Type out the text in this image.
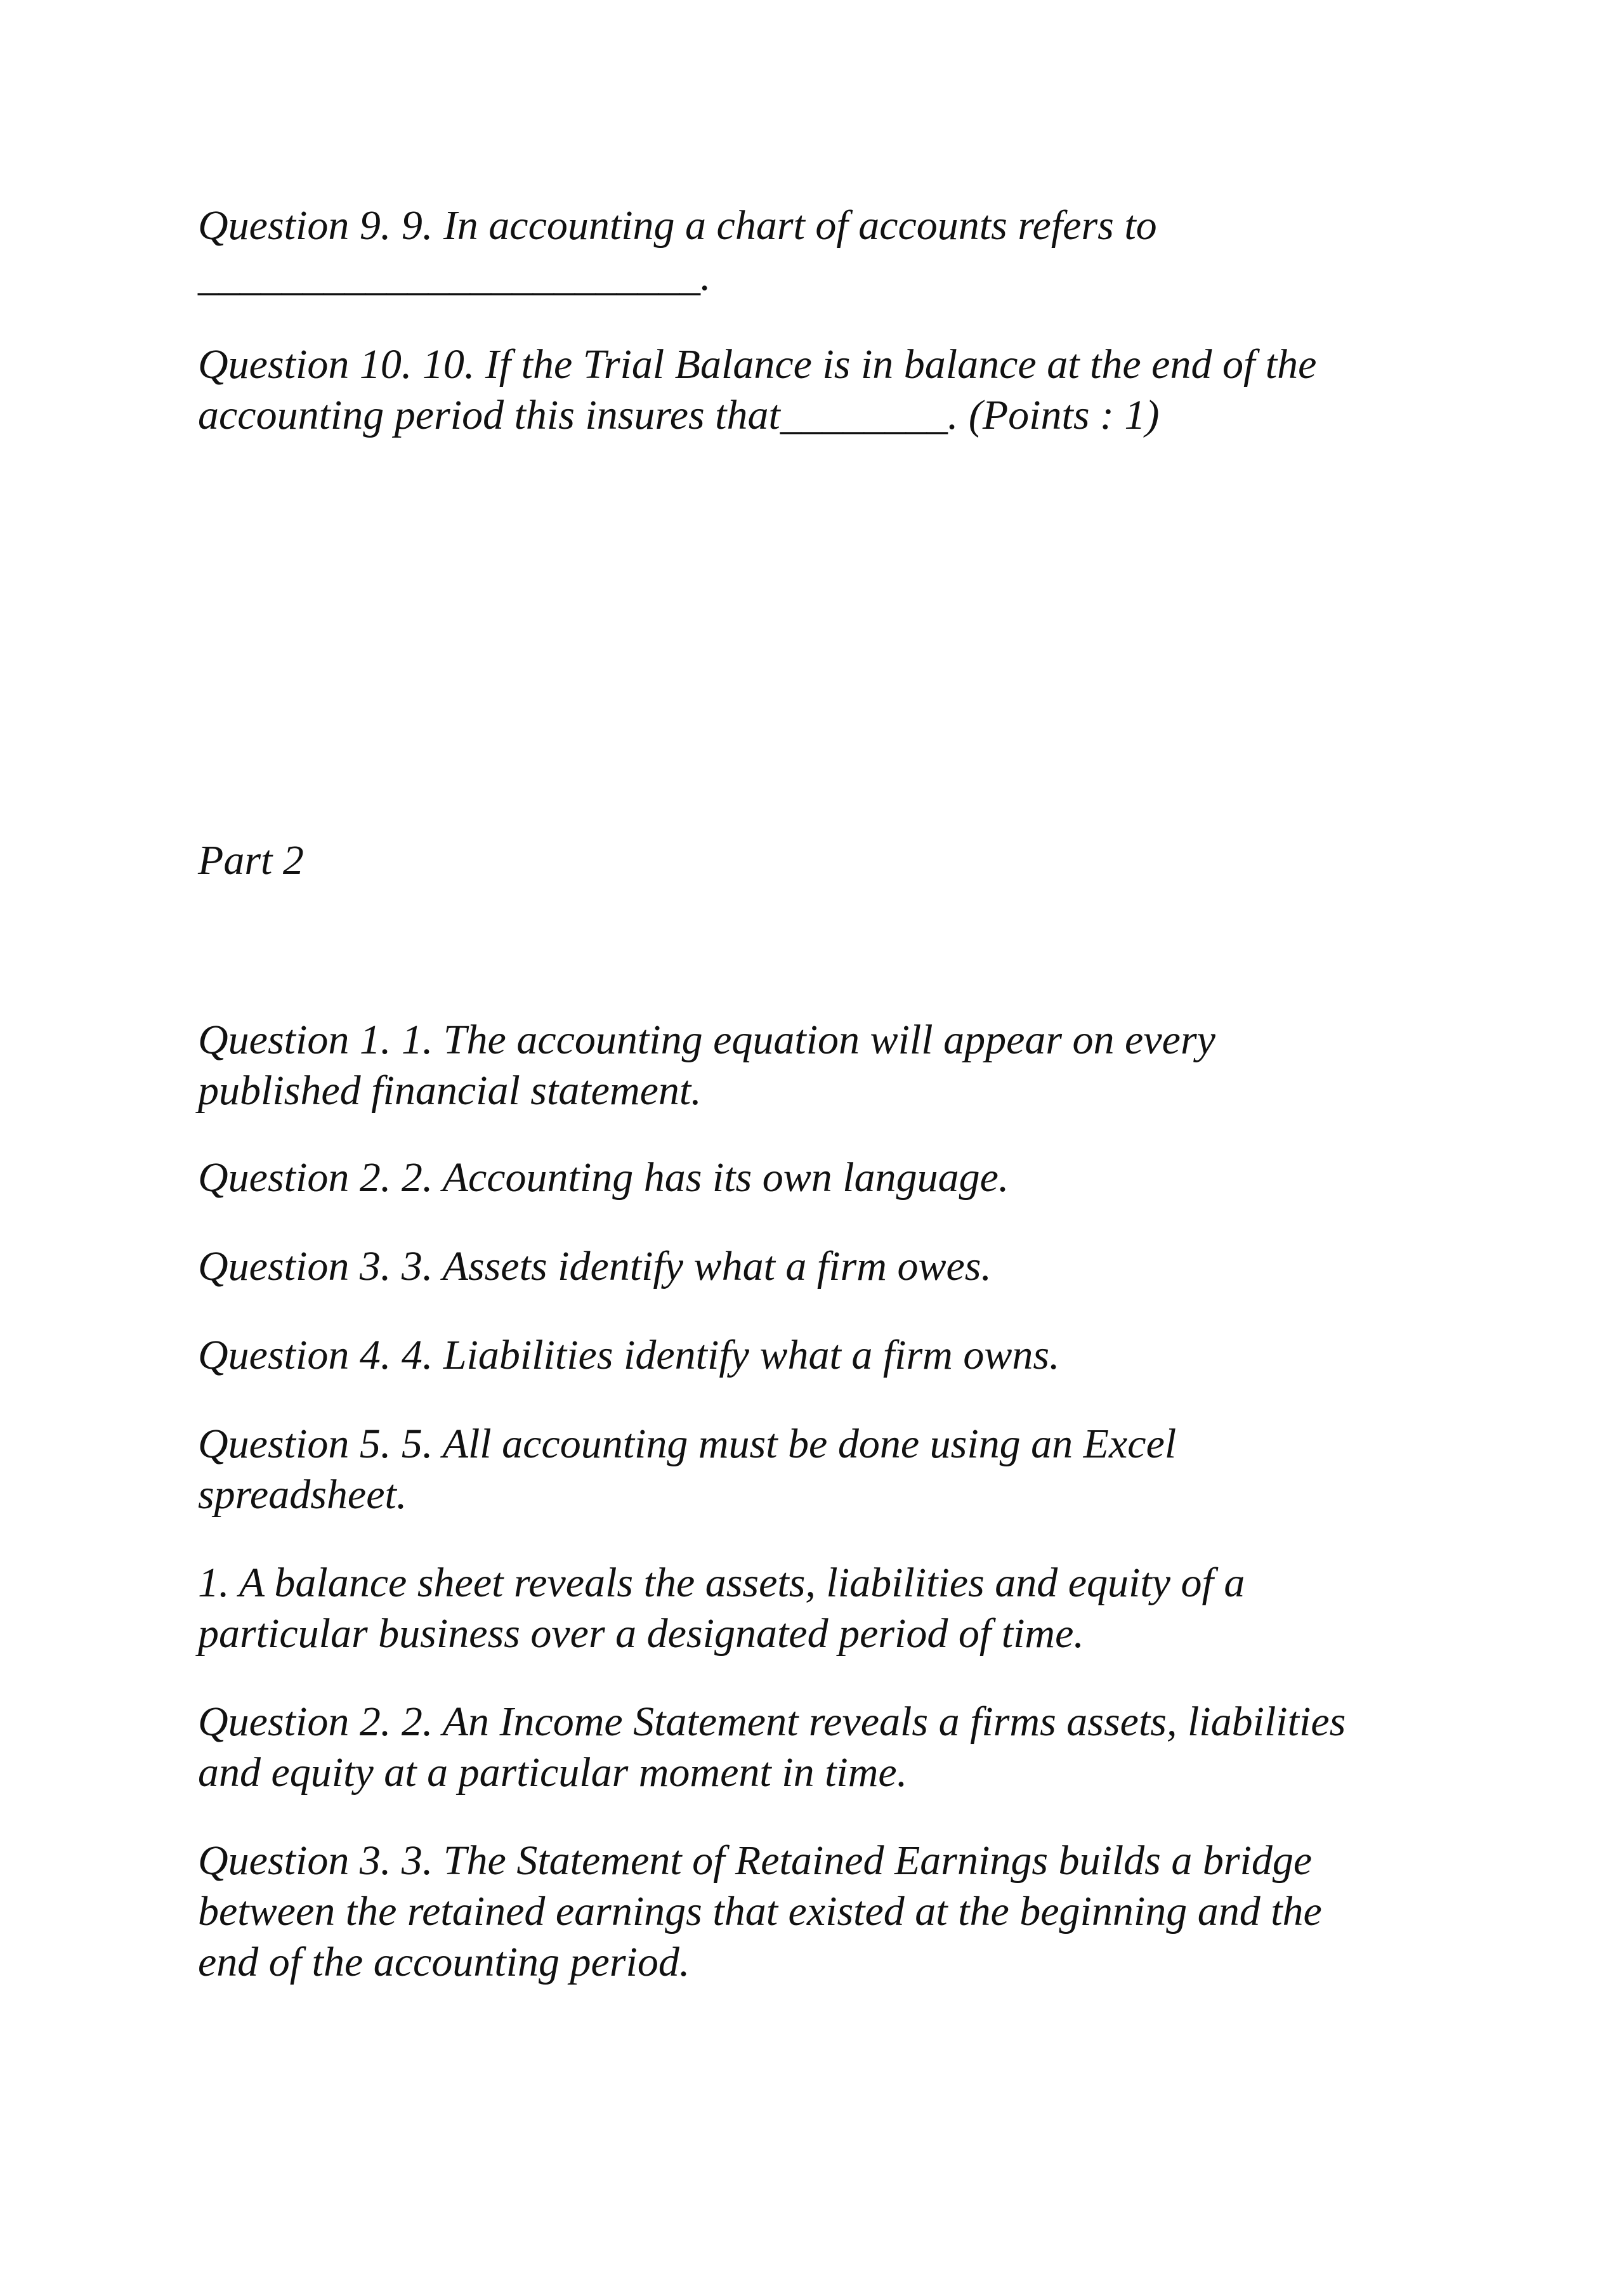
Question 9. 9. In accounting a chart of accounts refers to
________________________.

Question 10. 10. If the Trial Balance is in balance at the end of the
accounting period this insures that________. (Points : 1)

Part 2

Question 1. 1. The accounting equation will appear on every
published financial statement.

Question 2. 2. Accounting has its own language.

Question 3. 3. Assets identify what a firm owes.

Question 4. 4. Liabilities identify what a firm owns.

Question 5. 5. All accounting must be done using an Excel
spreadsheet.

1. A balance sheet reveals the assets, liabilities and equity of a
particular business over a designated period of time.

Question 2. 2. An Income Statement reveals a firms assets, liabilities
and equity at a particular moment in time.

Question 3. 3. The Statement of Retained Earnings builds a bridge
between the retained earnings that existed at the beginning and the
end of the accounting period.
